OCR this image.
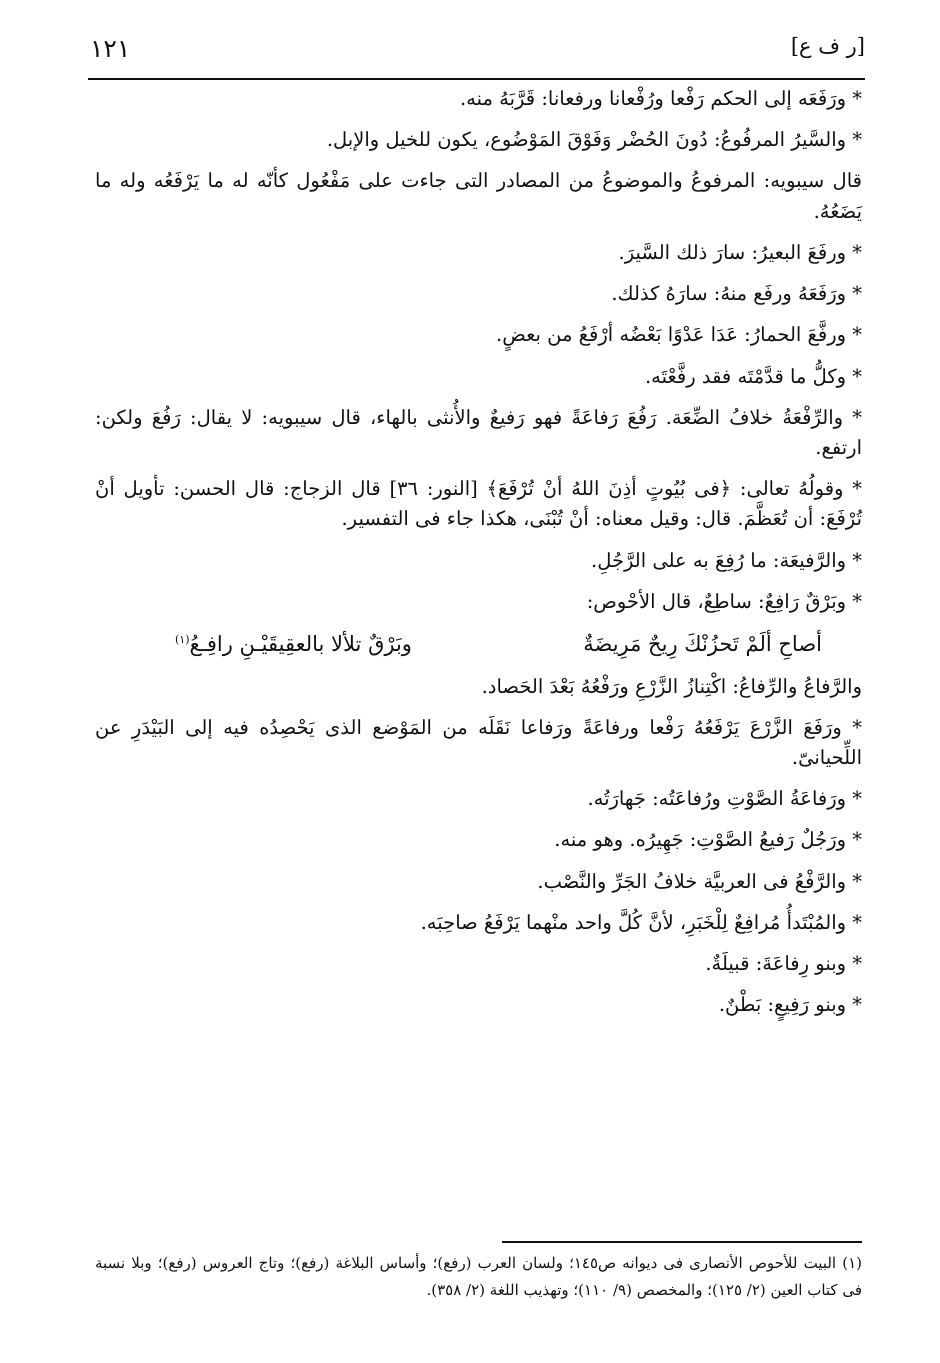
[ر ف ع]
١٢١

* ورَفَعَه إلى الحكم رَفْعا ورُفْعانا ورفعانا: قَرَّبَهُ منه.

* والسَّيرُ المرفُوعُ: دُونَ الحُضْر وَفَوْقَ المَوْضُوع، يكون للخيل والإبل.

قال سيبويه: المرفوعُ والموضوعُ من المصادر التى جاءت على مَفْعُول كأنّه له ما يَرْفَعُه وله ما يَضَعُهُ.

* ورفَعَ البعيرُ: سارَ ذلك السَّيرَ.

* ورَفَعَهُ ورفَع منهُ: سارَهُ كذلك.

* ورفَّعَ الحمارُ: عَدَا عَدْوًا بَعْضُه أرْفَعُ من بعضٍ.

* وكلُّ ما قدَّمْتَه فقد رفَّعْتَه.

* والرِّفْعَةُ خلافُ الضِّعَة. رَفُعَ رَفاعَةً فهو رَفيعٌ والأُنثى بالهاء، قال سيبويه: لا يقال: رَفُعَ ولكن: ارتفع.

* وقولُهُ تعالى: ﴿فى بُيُوتٍ أذِنَ اللهُ أنْ تُرْفَعَ﴾ [النور: ٣٦] قال الزجاج: قال الحسن: تأويل أنْ تُرْفَعَ: أن تُعَظَّمَ. قال: وقيل معناه: أنْ تُبْنَى، هكذا جاء فى التفسير.

* والرَّفيعَة: ما رُفِعَ به على الرَّجُلِ.

* وبَرْقٌ رَافِعٌ: ساطِعٌ، قال الأحْوص:

أصاحِ ألَمْ تَحزُنْكَ رِيحٌ مَرِيضَةٌ
وبَرْقٌ تلألا بالعقِيقَيْـنِ رافِـعُ$^{(١)}$

والرَّفاعُ والرِّفاعُ: اكْتِنازُ الزَّرْعِ ورَفْعُهُ بَعْدَ الحَصاد.

* ورَفَعَ الزَّرْعَ يَرْفَعُهُ رَفْعا ورفاعَةً ورَفاعا نَقَلَه من المَوْضع الذى يَحْصِدُه فيه إلى البَيْدَرِ عن اللِّحيانىّ.

* ورَفاعَةُ الصَّوْتِ ورُفاعَتُه: جَهارَتُه.

* ورَجُلٌ رَفيعُ الصَّوْتِ: جَهِيرُه. وهو منه.

* والرَّفْعُ فى العربيَّة خلافُ الجَرِّ والنَّصْب.

* والمُبْتَدأُ مُرافِعٌ لِلْخَبَرِ، لأنَّ كُلَّ واحد منْهما يَرْفَعُ صاحِبَه.

* وبنو رِفاعَةَ: قبيلَةٌ.

* وبنو رَفِيعٍ: بَطْنٌ.

(١) البيت للأحوص الأنصارى فى ديوانه ص١٤٥؛ ولسان العرب (رفع)؛ وأساس البلاغة (رفع)؛ وتاج العروس (رفع)؛ وبلا نسبة فى كتاب العين (٢/ ١٢٥)؛ والمخصص (٩/ ١١٠)؛ وتهذيب اللغة (٢/ ٣٥٨).
